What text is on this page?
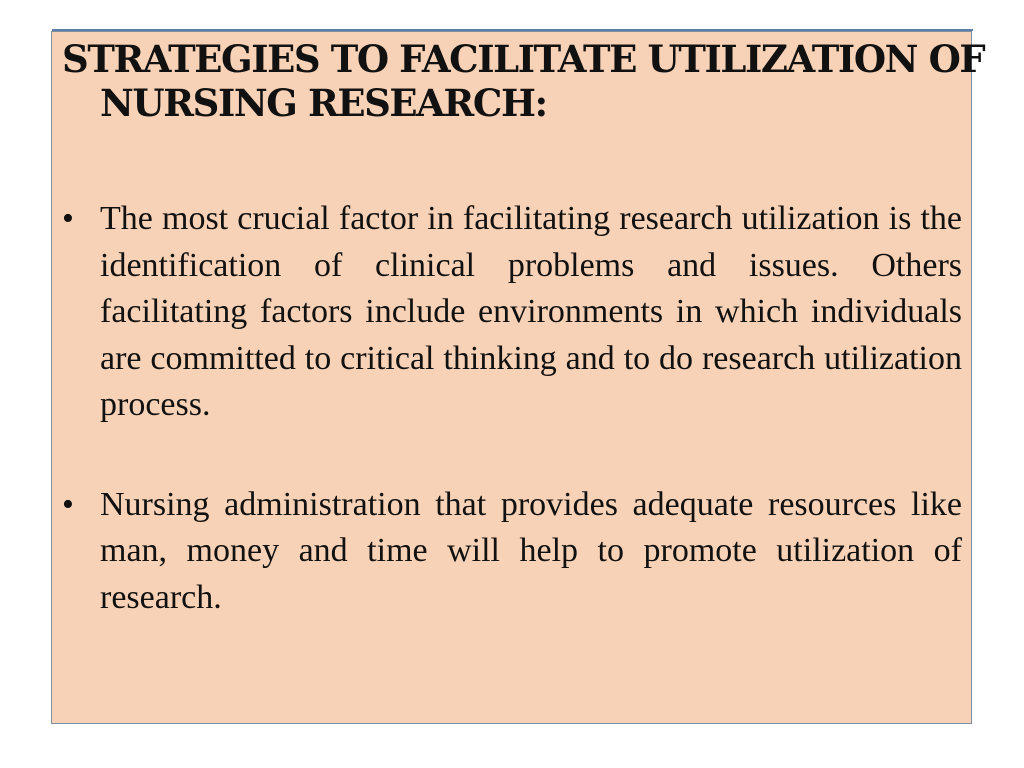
STRATEGIES TO FACILITATE UTILIZATION OF NURSING RESEARCH:
• The most crucial factor in facilitating research utilization is the identification of clinical problems and issues. Others facilitating factors include environments in which individuals are committed to critical thinking and to do research utilization process.
• Nursing administration that provides adequate resources like man, money and time will help to promote utilization of research.
